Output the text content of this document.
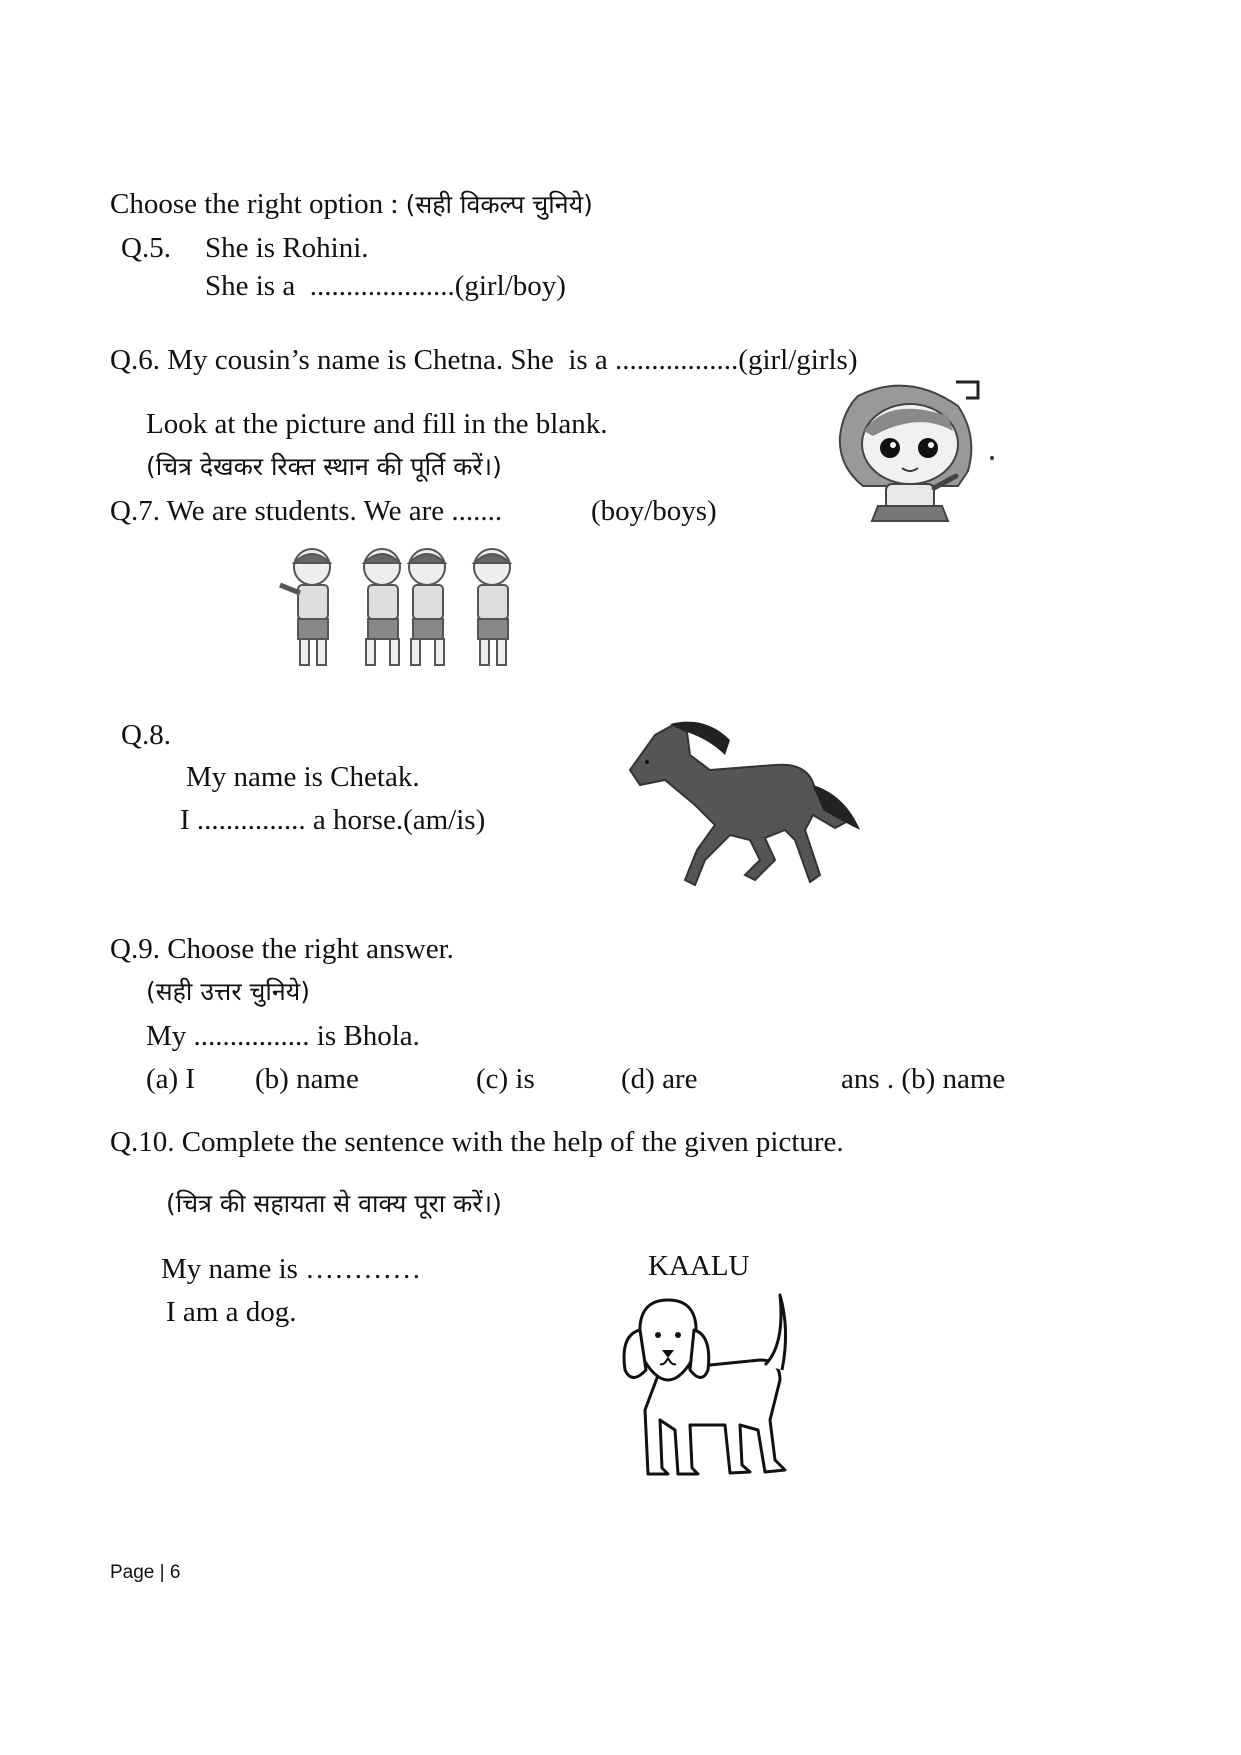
Choose the right option : (सही विकल्प चुनिये)
Q.5. She is Rohini.
She is a  ....................(girl/boy)
Q.6. My cousin’s name is Chetna. She  is a .................(girl/girls)
Look at the picture and fill in the blank.
(चित्र देखकर रिक्त स्थान की पूर्ति करें।)
Q.7. We are students. We are .......	(boy/boys)
Q.8.
My name is Chetak.
I ............... a horse.(am/is)
Q.9. Choose the right answer.
(सही उत्तर चुनिये)
My ................ is Bhola.
(a) I (b) name	(c) is	(d) are	ans . (b) name
Q.10. Complete the sentence with the help of the given picture.
(चित्र की सहायता से वाक्य पूरा करें।)
My name is …………
I am a dog.
KAALU
Page | 6
